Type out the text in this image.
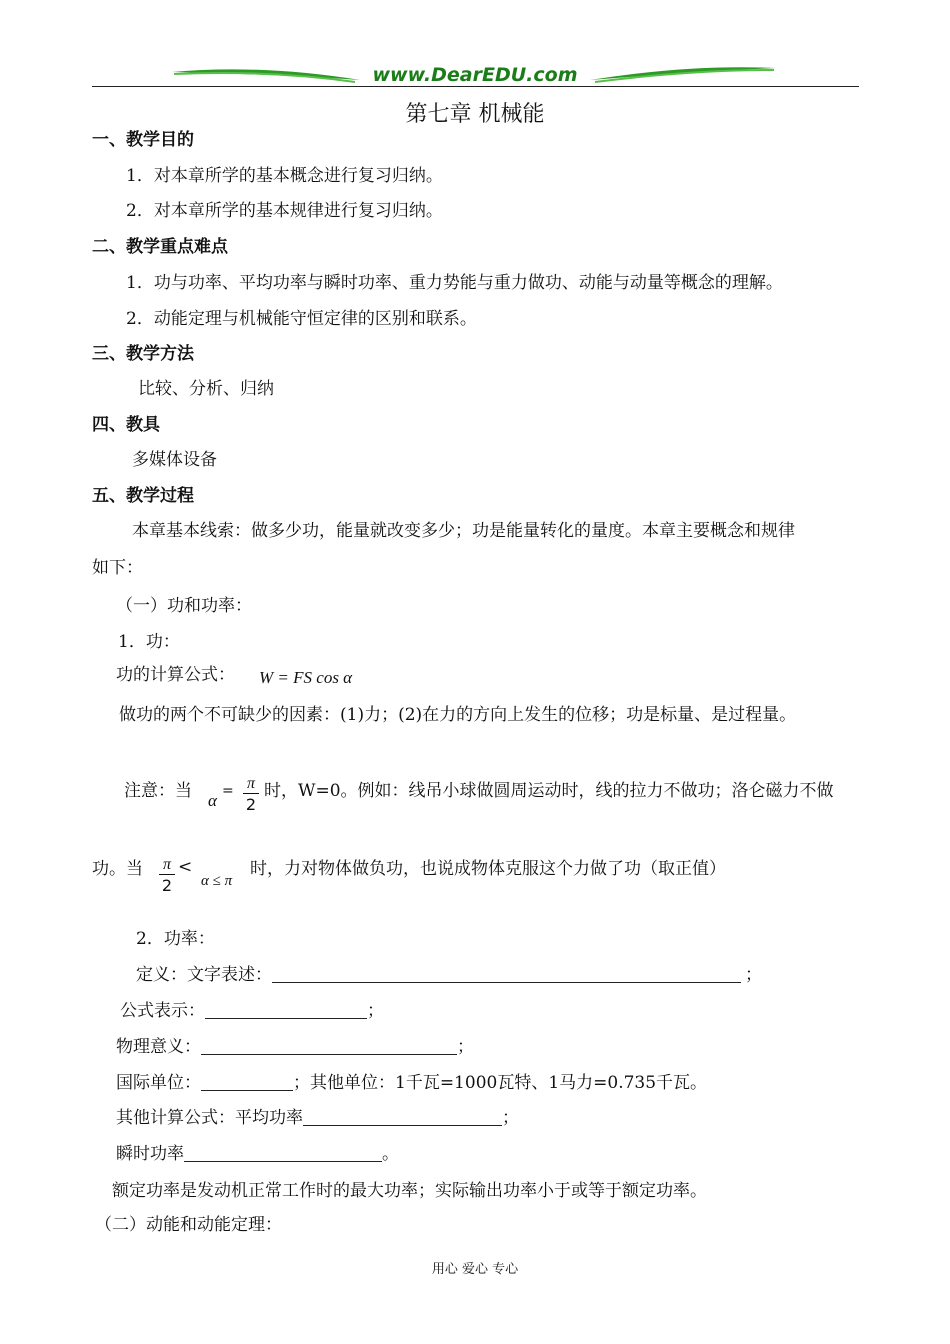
www.DearEDU.com
第七章 机械能
一、教学目的
1．对本章所学的基本概念进行复习归纳。
2．对本章所学的基本规律进行复习归纳。
二、教学重点难点
1．功与功率、平均功率与瞬时功率、重力势能与重力做功、动能与动量等概念的理解。
2．动能定理与机械能守恒定律的区别和联系。
三、教学方法
比较、分析、归纳
四、教具
多媒体设备
五、教学过程
本章基本线索：做多少功，能量就改变多少；功是能量转化的量度。本章主要概念和规律
如下：
（一）功和功率：
1．功：
功的计算公式： W = FS cos α
做功的两个不可缺少的因素：(1)力；(2)在力的方向上发生的位移；功是标量、是过程量。
注意：当 α = π
2
时，W=0。例如：线吊小球做圆周运动时，线的拉力不做功；洛仑磁力不做
功。当 π
2
<
α ≤ π
时，力对物体做负功，也说成物体克服这个力做了功（取正值）
2．功率：
定义：文字表述：	；
公式表示：	；
物理意义：	；
国际单位：	；其他单位：1千瓦=1000瓦特、1马力=0.735千瓦。
其他计算公式：平均功率	；
瞬时功率	。
额定功率是发动机正常工作时的最大功率；实际输出功率小于或等于额定功率。
（二）动能和动能定理：
用心 爱心 专心
